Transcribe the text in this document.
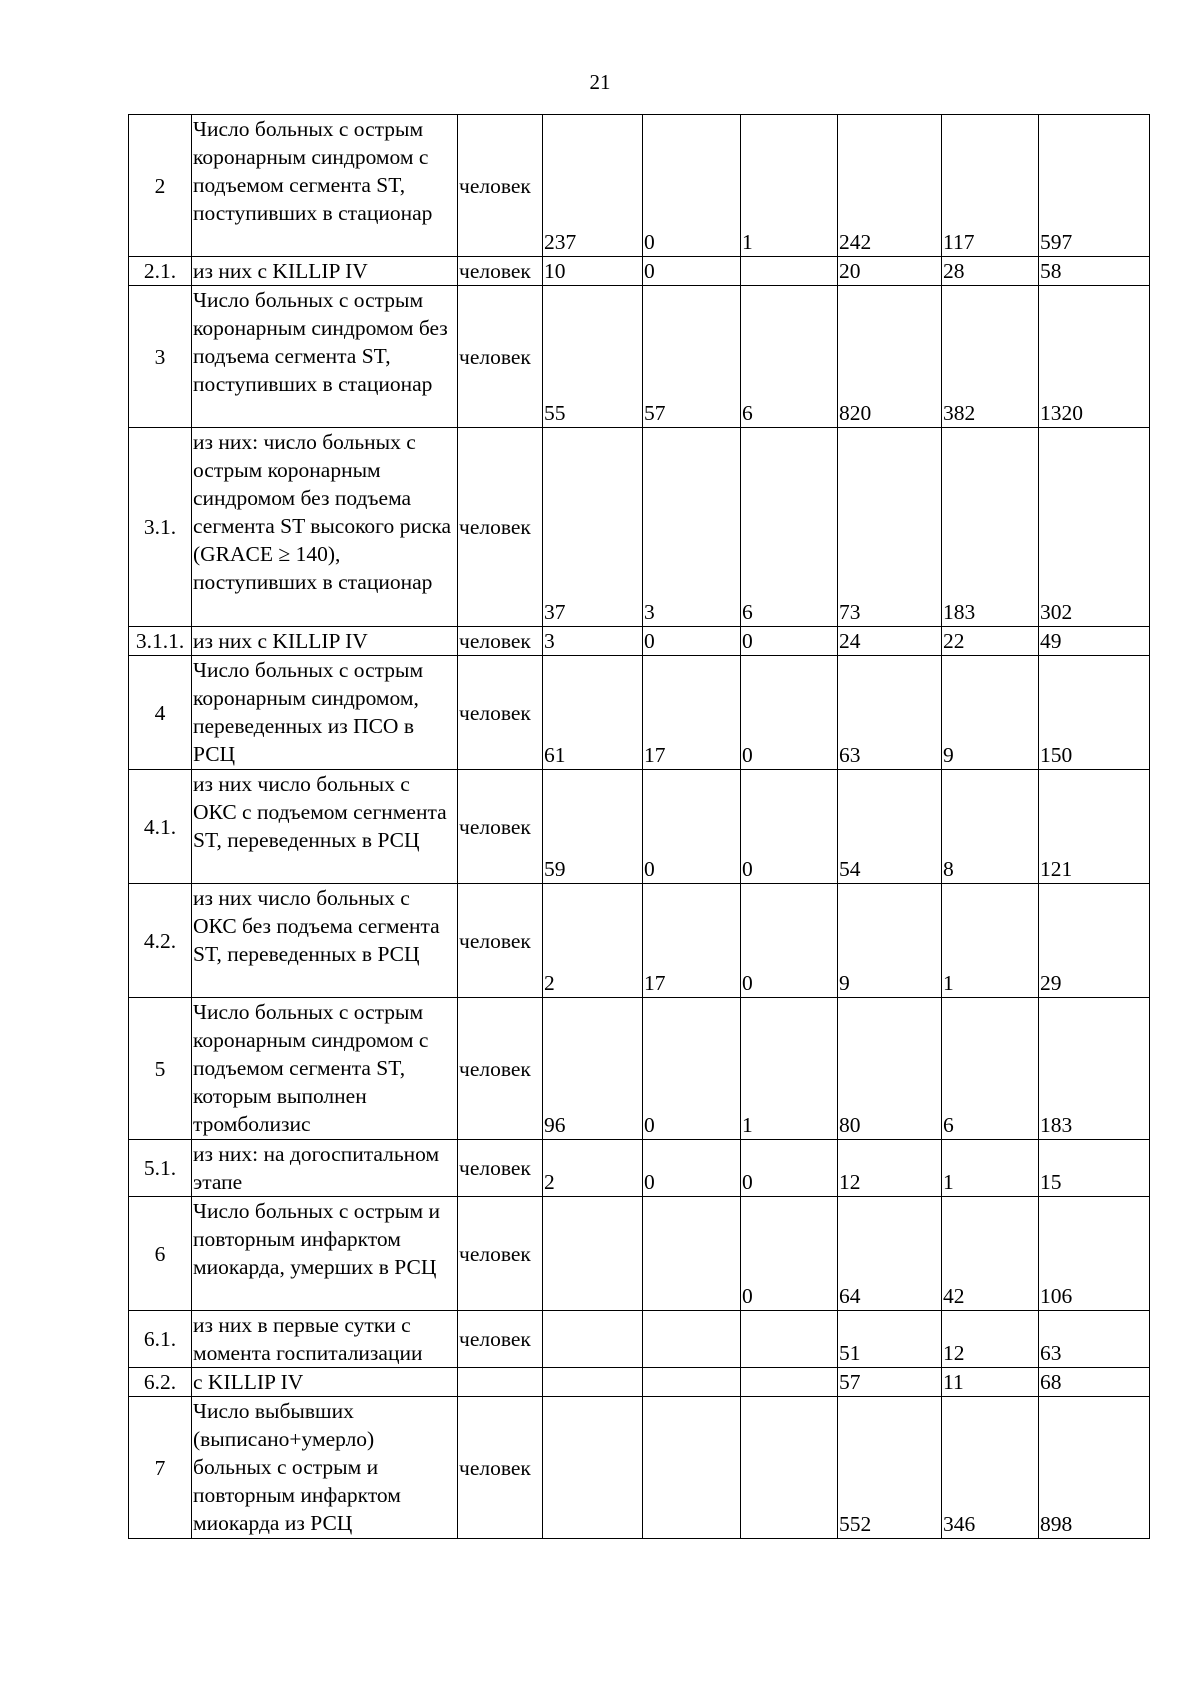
21
2	Число больных с острым коронарным синдромом с подъемом сегмента ST, поступивших в стационар	человек	237	0	1	242	117	597
2.1.	из них с KILLIP IV	человек	10	0		20	28	58
3	Число больных с острым коронарным синдромом без подъема сегмента ST, поступивших в стационар	человек	55	57	6	820	382	1320
3.1.	из них: число больных с острым коронарным синдромом без подъема сегмента ST высокого риска (GRACE ≥ 140), поступивших в стационар	человек	37	3	6	73	183	302
3.1.1.	из них с KILLIP IV	человек	3	0	0	24	22	49
4	Число больных с острым коронарным синдромом, переведенных из ПСО в РСЦ	человек	61	17	0	63	9	150
4.1.	из них число больных с ОКС с подъемом сегнмента ST, переведенных в РСЦ	человек	59	0	0	54	8	121
4.2.	из них число больных с ОКС без подъема сегмента ST, переведенных в РСЦ	человек	2	17	0	9	1	29
5	Число больных с острым коронарным синдромом с подъемом сегмента ST, которым выполнен тромболизис	человек	96	0	1	80	6	183
5.1.	из них: на догоспитальном этапе	человек	2	0	0	12	1	15
6	Число больных с острым и повторным инфарктом миокарда, умерших в РСЦ	человек			0	64	42	106
6.1.	из них в первые сутки с момента госпитализации	человек				51	12	63
6.2.	с KILLIP IV					57	11	68
7	Число выбывших (выписано+умерло) больных с острым и повторным инфарктом миокарда из РСЦ	человек				552	346	898
